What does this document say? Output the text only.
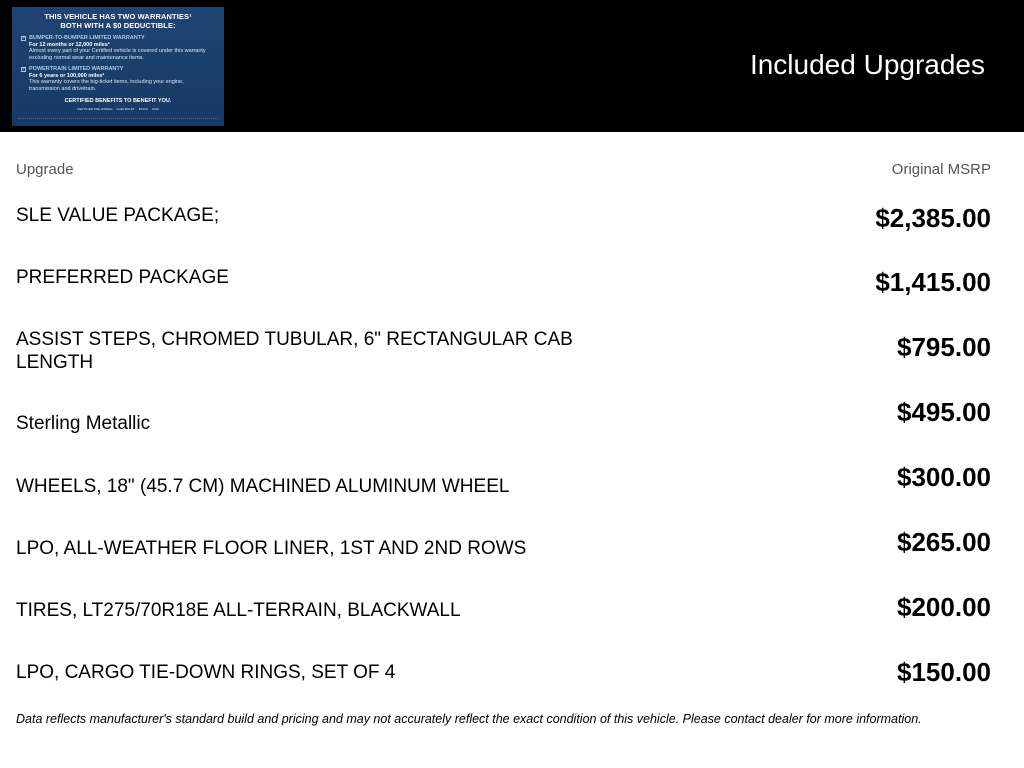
THIS VEHICLE HAS TWO WARRANTIES¹
BOTH WITH A $0 DEDUCTIBLE:
✓ BUMPER-TO-BUMPER LIMITED WARRANTY
For 12 months or 12,000 miles²
Almost every part of your Certified vehicle is covered under this warranty excluding normal wear and maintenance items.
✓ POWERTRAIN LIMITED WARRANTY
For 6 years or 100,000 miles²
This warranty covers the big-ticket items, including your engine, transmission and drivetrain.
CERTIFIED BENEFITS TO BENEFIT YOU.
CERTIFIED PRE-OWNED CHEVROLET BUICK GMC
Included Upgrades
Upgrade	Original MSRP
SLE VALUE PACKAGE;	$2,385.00
PREFERRED PACKAGE	$1,415.00
ASSIST STEPS, CHROMED TUBULAR, 6" RECTANGULAR CAB LENGTH
$795.00
Sterling Metallic	$495.00
WHEELS, 18" (45.7 CM) MACHINED ALUMINUM WHEEL	$300.00
LPO, ALL-WEATHER FLOOR LINER, 1ST AND 2ND ROWS	$265.00
TIRES, LT275/70R18E ALL-TERRAIN, BLACKWALL	$200.00
LPO, CARGO TIE-DOWN RINGS, SET OF 4	$150.00
Data reflects manufacturer's standard build and pricing and may not accurately reflect the exact condition of this vehicle. Please contact dealer for more information.
